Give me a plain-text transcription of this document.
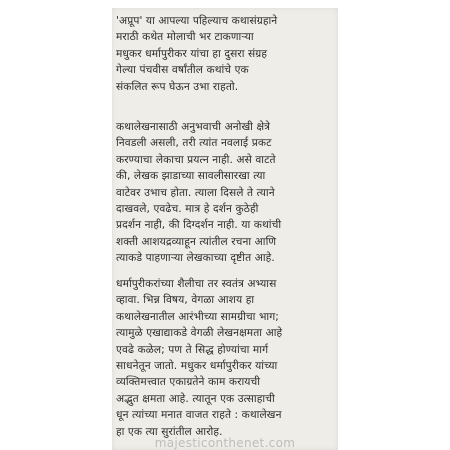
'अप्रूप' या आपल्या पहिल्याच कथासंग्रहाने
मराठी कथेत मोलाची भर टाकणाऱ्या
मधुकर धर्मापुरीकर यांचा हा दुसरा संग्रह
गेल्या पंचवीस वर्षांतील कथांचे एक
संकलित रूप घेऊन उभा राहतो.
कथालेखनासाठी अनुभवाची अनोखी क्षेत्रे
निवडली असली, तरी त्यांत नवलाई प्रकट
करण्याचा लेकाचा प्रयत्न नाही. असे वाटते
की, लेखक झाडाच्या सावलीसारखा त्या
वाटेवर उभाच होता. त्याला दिसले ते त्याने
दाखवले, एवढेच. मात्र हे दर्शन कुठेही
प्रदर्शन नाही, की दिग्दर्शन नाही. या कथांची
शक्ती आशयद्रव्याहून त्यांतील रचना आणि
त्याकडे पाहणाऱ्या लेखकाच्या दृष्टीत आहे.
धर्मापुरीकरांच्या शैलीचा तर स्वतंत्र अभ्यास
व्हावा. भिन्न विषय, वेगळा आशय हा
कथालेखनातील आरंभीच्या सामग्रीचा भाग;
त्यामुळे एखाद्याकडे वेगळी लेखनक्षमता आहे
एवढे कळेल; पण ते सिद्ध होण्यांचा मार्ग
साधनेतून जातो. मधुकर धर्मापुरीकर यांच्या
व्यक्तिमत्त्वात एकाग्रतेने काम करायची
अद्भुत क्षमता आहे. त्यातून एक उत्साहाची
धून त्यांच्या मनात वाजत राहते : कथालेखन
हा एक त्या सुरांतील आरोह.
majesticonthenet.com
